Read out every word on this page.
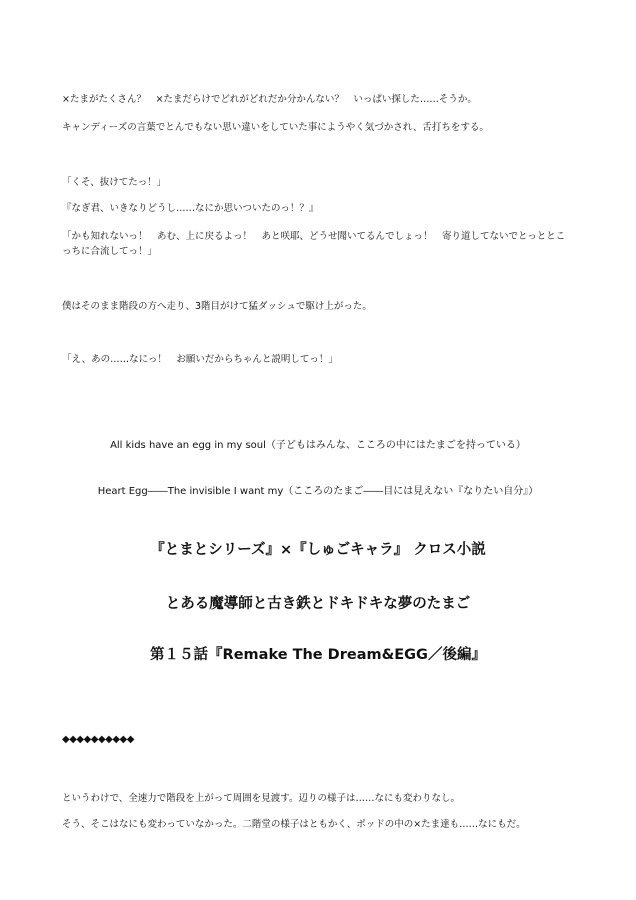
×たまがたくさん？　×たまだらけでどれがどれだか分かんない？　いっぱい探した……そうか。

キャンディーズの言葉でとんでもない思い違いをしていた事にようやく気づかされ、舌打ちをする。

「くそ、抜けてたっ！」

『なぎ君、いきなりどうし……なにか思いついたのっ！？』

「かも知れないっ！　あむ、上に戻るよっ！　あと咲耶、どうせ聞いてるんでしょっ！　寄り道してないでとっととこっちに合流してっ！」

僕はそのまま階段の方へ走り、3階目がけて猛ダッシュで駆け上がった。

「え、あの……なにっ！　お願いだからちゃんと説明してっ！」

All kids have an egg in my soul（子どもはみんな、こころの中にはたまごを持っている）

Heart Egg――The invisible I want my（こころのたまご――目には見えない『なりたい自分』）

『とまとシリーズ』×『しゅごキャラ』 クロス小説

とある魔導師と古き鉄とドキドキな夢のたまご

第１５話『Remake The Dream&EGG／後編』

◆◆◆◆◆◆◆◆◆◆

というわけで、全速力で階段を上がって周囲を見渡す。辺りの様子は……なにも変わりなし。

そう、そこはなにも変わっていなかった。二階堂の様子はともかく、ポッドの中の×たま達も……なにもだ。
